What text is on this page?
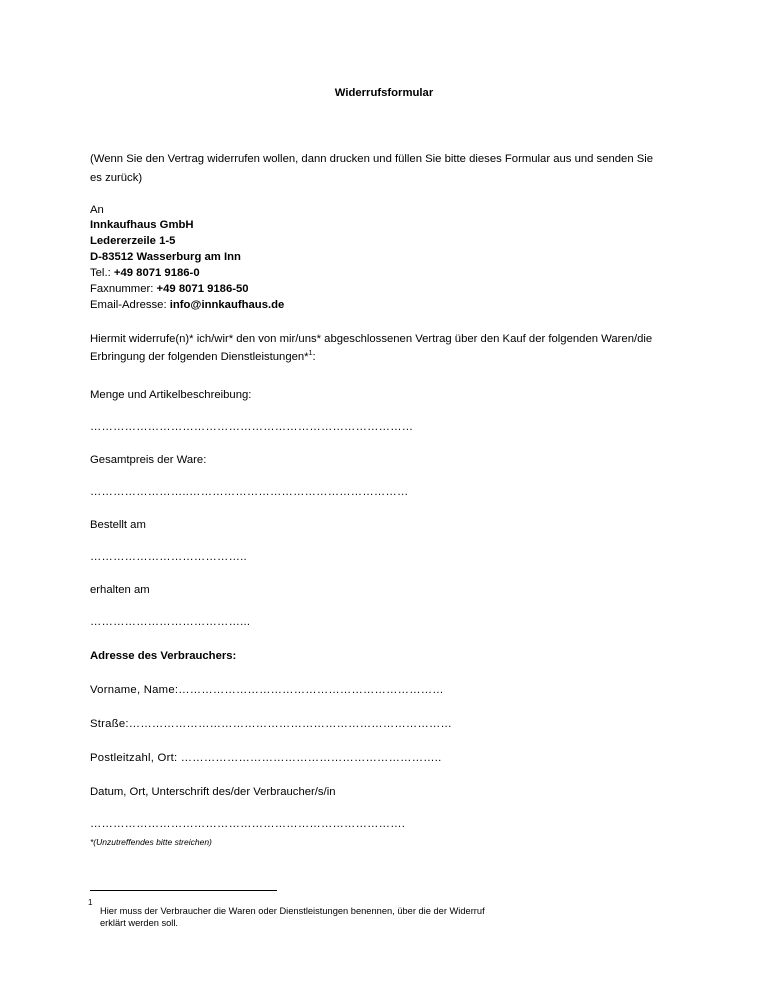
Widerrufsformular
(Wenn Sie den Vertrag widerrufen wollen, dann drucken und füllen Sie bitte dieses Formular aus und senden Sie
es zurück)
An
Innkaufhaus GmbH
Ledererzeile 1-5
D-83512 Wasserburg am Inn
Tel.: +49 8071 9186-0
Faxnummer: +49 8071 9186-50
Email-Adresse: info@innkaufhaus.de
Hiermit widerrufe(n)* ich/wir* den von mir/uns* abgeschlossenen Vertrag über den Kauf der folgenden Waren/die
Erbringung der folgenden Dienstleistungen*$^1$:
Menge und Artikelbeschreibung:
…………………………………………………………………………
Gesamtpreis der Ware:
……………………..…………………………………………………
Bestellt am
…………………………………..
erhalten am
…………………………………...
Adresse des Verbrauchers:
Vorname, Name:……………………………………………………………
Straße:…………………………………………………………………………
Postleitzahl, Ort: …………………………………………………………..
Datum, Ort, Unterschrift des/der Verbraucher/s/in
……………………………………………………………………….
*(Unzutreffendes bitte streichen)
1
Hier muss der Verbraucher die Waren oder Dienstleistungen benennen, über die der Widerruf
erklärt werden soll.
